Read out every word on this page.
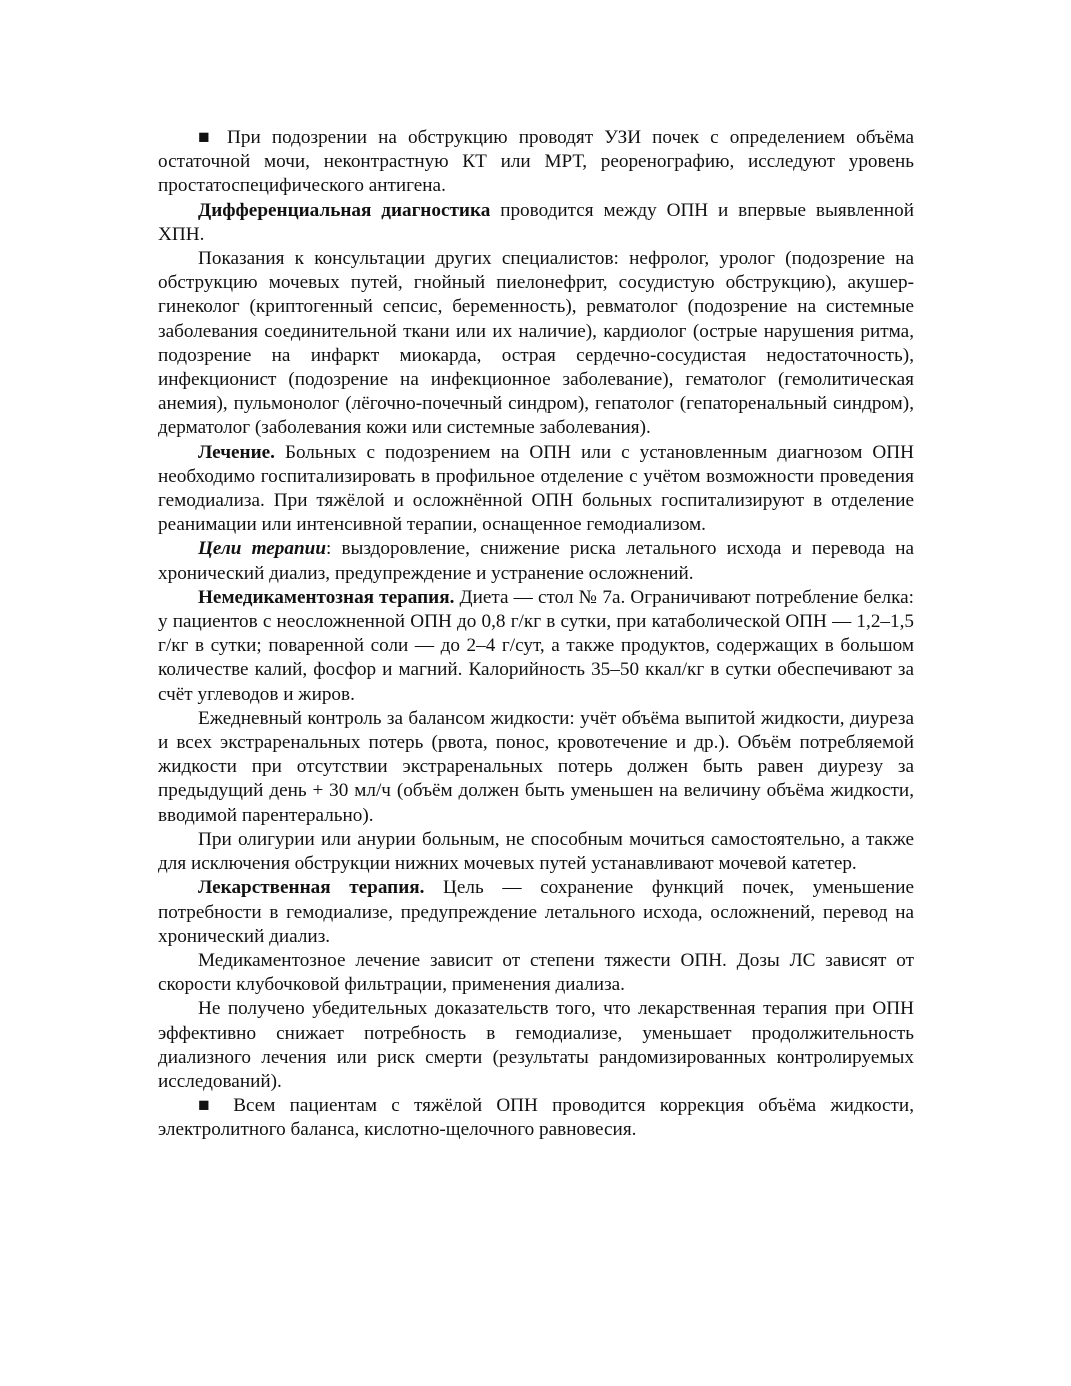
■ При подозрении на обструкцию проводят УЗИ почек с определением объёма остаточной мочи, неконтрастную КТ или МРТ, реоренографию, исследуют уровень простатоспецифического антигена.

Дифференциальная диагностика проводится между ОПН и впервые выявленной ХПН.

Показания к консультации других специалистов: нефролог, уролог (подозрение на обструкцию мочевых путей, гнойный пиелонефрит, сосудистую обструкцию), акушер-гинеколог (криптогенный сепсис, беременность), ревматолог (подозрение на системные заболевания соединительной ткани или их наличие), кардиолог (острые нарушения ритма, подозрение на инфаркт миокарда, острая сердечно-сосудистая недостаточность), инфекционист (подозрение на инфекционное заболевание), гематолог (гемолитическая анемия), пульмонолог (лёгочно-почечный синдром), гепатолог (гепаторенальный синдром), дерматолог (заболевания кожи или системные заболевания).

Лечение. Больных с подозрением на ОПН или с установленным диагнозом ОПН необходимо госпитализировать в профильное отделение с учётом возможности проведения гемодиализа. При тяжёлой и осложнённой ОПН больных госпитализируют в отделение реанимации или интенсивной терапии, оснащенное гемодиализом.

Цели терапии: выздоровление, снижение риска летального исхода и перевода на хронический диализ, предупреждение и устранение осложнений.

Немедикаментозная терапия. Диета — стол № 7а. Ограничивают потребление белка: у пациентов с неосложненной ОПН до 0,8 г/кг в сутки, при катаболической ОПН — 1,2–1,5 г/кг в сутки; поваренной соли — до 2–4 г/сут, а также продуктов, содержащих в большом количестве калий, фосфор и магний. Калорийность 35–50 ккал/кг в сутки обеспечивают за счёт углеводов и жиров.

Ежедневный контроль за балансом жидкости: учёт объёма выпитой жидкости, диуреза и всех экстраренальных потерь (рвота, понос, кровотечение и др.). Объём потребляемой жидкости при отсутствии экстраренальных потерь должен быть равен диурезу за предыдущий день + 30 мл/ч (объём должен быть уменьшен на величину объёма жидкости, вводимой парентерально).

При олигурии или анурии больным, не способным мочиться самостоятельно, а также для исключения обструкции нижних мочевых путей устанавливают мочевой катетер.

Лекарственная терапия. Цель — сохранение функций почек, уменьшение потребности в гемодиализе, предупреждение летального исхода, осложнений, перевод на хронический диализ.

Медикаментозное лечение зависит от степени тяжести ОПН. Дозы ЛС зависят от скорости клубочковой фильтрации, применения диализа.

Не получено убедительных доказательств того, что лекарственная терапия при ОПН эффективно снижает потребность в гемодиализе, уменьшает продолжительность диализного лечения или риск смерти (результаты рандомизированных контролируемых исследований).

■ Всем пациентам с тяжёлой ОПН проводится коррекция объёма жидкости, электролитного баланса, кислотно-щелочного равновесия.
